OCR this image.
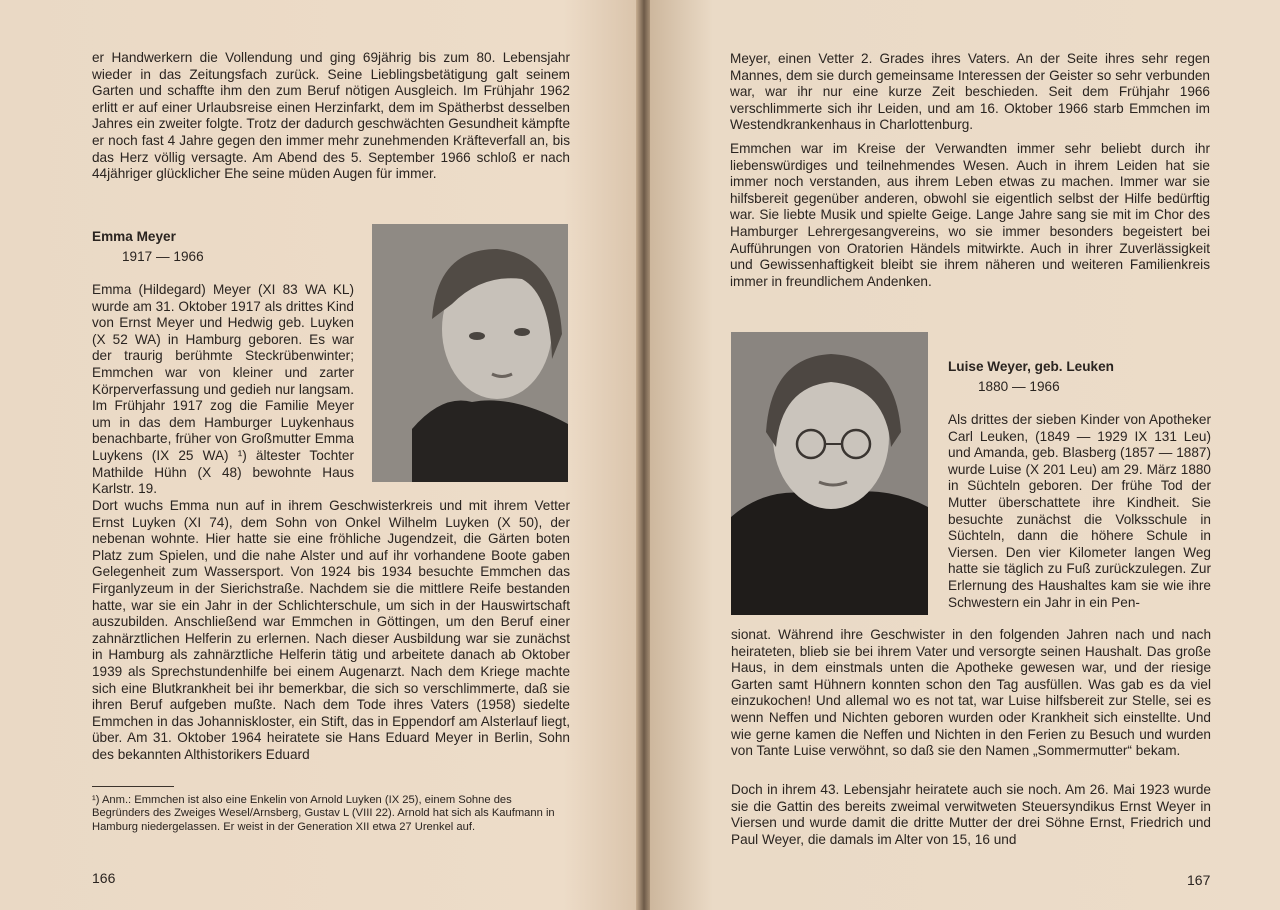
er Handwerkern die Vollendung und ging 69jährig bis zum 80. Lebensjahr wieder in das Zeitungsfach zurück. Seine Lieblingsbetätigung galt seinem Garten und schaffte ihm den zum Beruf nötigen Ausgleich. Im Frühjahr 1962 erlitt er auf einer Urlaubsreise einen Herzinfarkt, dem im Spätherbst desselben Jahres ein zweiter folgte. Trotz der dadurch geschwächten Gesundheit kämpfte er noch fast 4 Jahre gegen den immer mehr zunehmenden Kräfteverfall an, bis das Herz völlig versagte. Am Abend des 5. September 1966 schloß er nach 44jähriger glücklicher Ehe seine müden Augen für immer.

Emma Meyer
1917 — 1966

Emma (Hildegard) Meyer (XI 83 WA KL) wurde am 31. Oktober 1917 als drittes Kind von Ernst Meyer und Hedwig geb. Luyken (X 52 WA) in Hamburg geboren. Es war der traurig berühmte Steckrübenwinter; Emmchen war von kleiner und zarter Körperverfassung und gedieh nur langsam. Im Frühjahr 1917 zog die Familie Meyer um in das dem Hamburger Luykenhaus benachbarte, früher von Großmutter Emma Luykens (IX 25 WA) ¹) ältester Tochter Mathilde Hühn (X 48) bewohnte Haus Karlstr. 19.

Dort wuchs Emma nun auf in ihrem Geschwisterkreis und mit ihrem Vetter Ernst Luyken (XI 74), dem Sohn von Onkel Wilhelm Luyken (X 50), der nebenan wohnte. Hier hatte sie eine fröhliche Jugendzeit, die Gärten boten Platz zum Spielen, und die nahe Alster und auf ihr vorhandene Boote gaben Gelegenheit zum Wassersport. Von 1924 bis 1934 besuchte Emmchen das Firganlyzeum in der Sierichstraße. Nachdem sie die mittlere Reife bestanden hatte, war sie ein Jahr in der Schlichterschule, um sich in der Hauswirtschaft auszubilden. Anschließend war Emmchen in Göttingen, um den Beruf einer zahnärztlichen Helferin zu erlernen. Nach dieser Ausbildung war sie zunächst in Hamburg als zahnärztliche Helferin tätig und arbeitete danach ab Oktober 1939 als Sprechstundenhilfe bei einem Augenarzt. Nach dem Kriege machte sich eine Blutkrankheit bei ihr bemerkbar, die sich so verschlimmerte, daß sie ihren Beruf aufgeben mußte. Nach dem Tode ihres Vaters (1958) siedelte Emmchen in das Johanniskloster, ein Stift, das in Eppendorf am Alsterlauf liegt, über. Am 31. Oktober 1964 heiratete sie Hans Eduard Meyer in Berlin, Sohn des bekannten Althistorikers Eduard

¹) Anm.: Emmchen ist also eine Enkelin von Arnold Luyken (IX 25), einem Sohne des Begründers des Zweiges Wesel/Arnsberg, Gustav L (VIII 22). Arnold hat sich als Kaufmann in Hamburg niedergelassen. Er weist in der Generation XII etwa 27 Urenkel auf.
166

Meyer, einen Vetter 2. Grades ihres Vaters. An der Seite ihres sehr regen Mannes, dem sie durch gemeinsame Interessen der Geister so sehr verbunden war, war ihr nur eine kurze Zeit beschieden. Seit dem Frühjahr 1966 verschlimmerte sich ihr Leiden, und am 16. Oktober 1966 starb Emmchen im Westendkrankenhaus in Charlottenburg.

Emmchen war im Kreise der Verwandten immer sehr beliebt durch ihr liebenswürdiges und teilnehmendes Wesen. Auch in ihrem Leiden hat sie immer noch verstanden, aus ihrem Leben etwas zu machen. Immer war sie hilfsbereit gegenüber anderen, obwohl sie eigentlich selbst der Hilfe bedürftig war. Sie liebte Musik und spielte Geige. Lange Jahre sang sie mit im Chor des Hamburger Lehrergesangvereins, wo sie immer besonders begeistert bei Aufführungen von Oratorien Händels mitwirkte. Auch in ihrer Zuverlässigkeit und Gewissenhaftigkeit bleibt sie ihrem näheren und weiteren Familienkreis immer in freundlichem Andenken.

Luise Weyer, geb. Leuken
1880 — 1966

Als drittes der sieben Kinder von Apotheker Carl Leuken, (1849 — 1929 IX 131 Leu) und Amanda, geb. Blasberg (1857 — 1887) wurde Luise (X 201 Leu) am 29. März 1880 in Süchteln geboren. Der frühe Tod der Mutter überschattete ihre Kindheit. Sie besuchte zunächst die Volksschule in Süchteln, dann die höhere Schule in Viersen. Den vier Kilometer langen Weg hatte sie täglich zu Fuß zurückzulegen. Zur Erlernung des Haushaltes kam sie wie ihre Schwestern ein Jahr in ein Pen-

sionat. Während ihre Geschwister in den folgenden Jahren nach und nach heirateten, blieb sie bei ihrem Vater und versorgte seinen Haushalt. Das große Haus, in dem einstmals unten die Apotheke gewesen war, und der riesige Garten samt Hühnern konnten schon den Tag ausfüllen. Was gab es da viel einzukochen! Und allemal wo es not tat, war Luise hilfsbereit zur Stelle, sei es wenn Neffen und Nichten geboren wurden oder Krankheit sich einstellte. Und wie gerne kamen die Neffen und Nichten in den Ferien zu Besuch und wurden von Tante Luise verwöhnt, so daß sie den Namen „Sommermutter“ bekam.

Doch in ihrem 43. Lebensjahr heiratete auch sie noch. Am 26. Mai 1923 wurde sie die Gattin des bereits zweimal verwitweten Steuersyndikus Ernst Weyer in Viersen und wurde damit die dritte Mutter der drei Söhne Ernst, Friedrich und Paul Weyer, die damals im Alter von 15, 16 und

167
